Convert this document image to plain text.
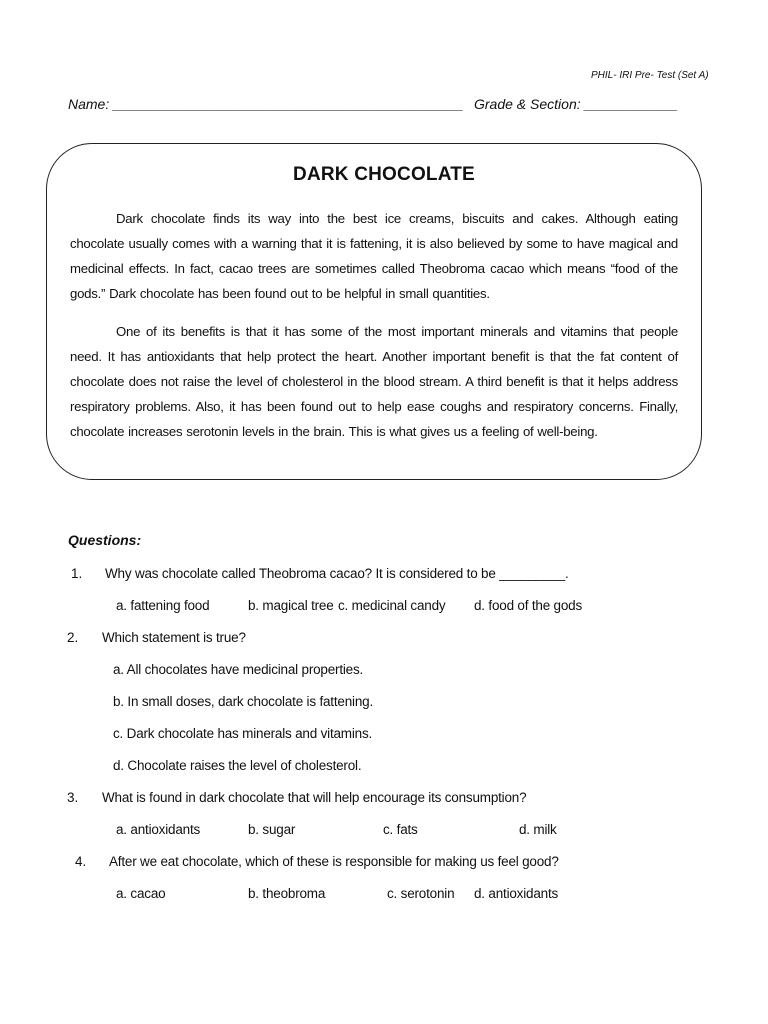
PHIL- IRI Pre- Test (Set A)
Name: _____________________________________________ Grade & Section: ____________
DARK CHOCOLATE
Dark chocolate finds its way into the best ice creams, biscuits and cakes. Although eating chocolate usually comes with a warning that it is fattening, it is also believed by some to have magical and medicinal effects. In fact, cacao trees are sometimes called Theobroma cacao which means “food of the gods.” Dark chocolate has been found out to be helpful in small quantities.
One of its benefits is that it has some of the most important minerals and vitamins that people need. It has antioxidants that help protect the heart. Another important benefit is that the fat content of chocolate does not raise the level of cholesterol in the blood stream. A third benefit is that it helps address respiratory problems. Also, it has been found out to help ease coughs and respiratory concerns. Finally, chocolate increases serotonin levels in the brain. This is what gives us a feeling of well-being.
Questions:
1. Why was chocolate called Theobroma cacao? It is considered to be _________.
a. fattening food	b. magical tree c. medicinal candy d. food of the gods
2. Which statement is true?
a. All chocolates have medicinal properties.
b. In small doses, dark chocolate is fattening.
c. Dark chocolate has minerals and vitamins.
d. Chocolate raises the level of cholesterol.
3. What is found in dark chocolate that will help encourage its consumption?
a. antioxidants	b. sugar	c. fats	d. milk
4. After we eat chocolate, which of these is responsible for making us feel good?
a. cacao	b. theobroma	c. serotonin d. antioxidants
